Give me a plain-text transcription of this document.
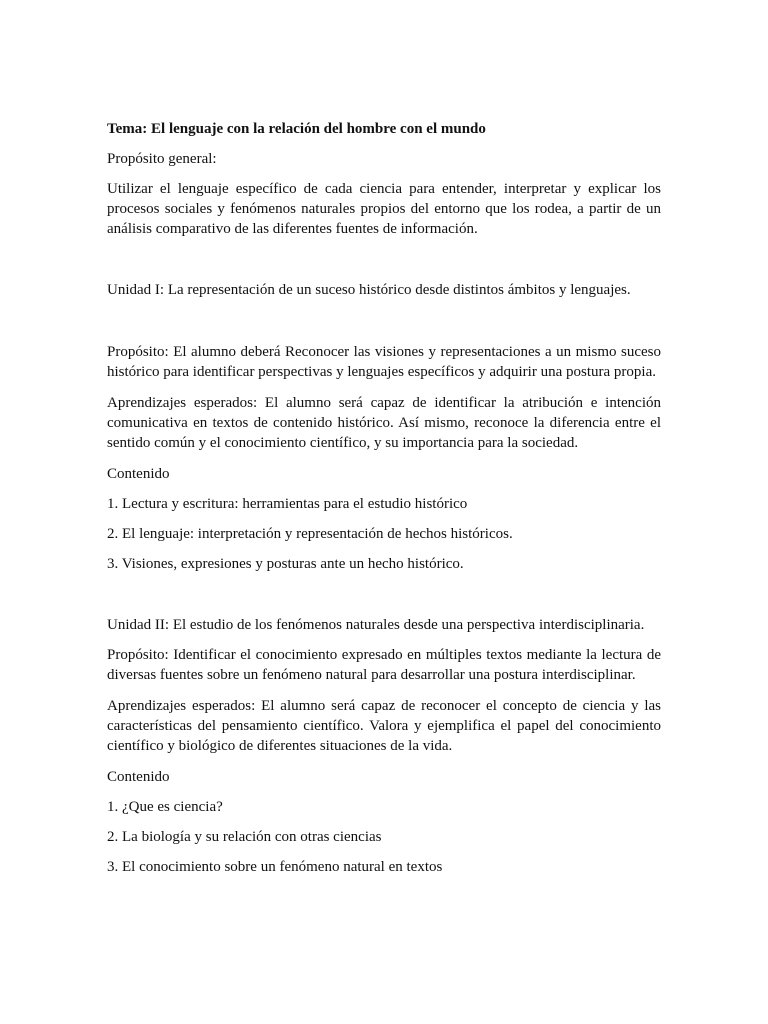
Tema: El lenguaje con la relación del hombre con el mundo

Propósito general:

Utilizar el lenguaje específico de cada ciencia para entender, interpretar y explicar los procesos sociales y fenómenos naturales propios del entorno que los rodea, a partir de un análisis comparativo de las diferentes fuentes de información.

Unidad I: La representación de un suceso histórico desde distintos ámbitos y lenguajes.

Propósito: El alumno deberá Reconocer las visiones y representaciones a un mismo suceso histórico para identificar perspectivas y lenguajes específicos y adquirir una postura propia.

Aprendizajes esperados: El alumno será capaz de identificar la atribución e intención comunicativa en textos de contenido histórico. Así mismo, reconoce la diferencia entre el sentido común y el conocimiento científico, y su importancia para la sociedad.

Contenido

1. Lectura y escritura: herramientas para el estudio histórico

2. El lenguaje: interpretación y representación de hechos históricos.

3. Visiones, expresiones y posturas ante un hecho histórico.

Unidad II: El estudio de los fenómenos naturales desde una perspectiva interdisciplinaria.

Propósito: Identificar el conocimiento expresado en múltiples textos mediante la lectura de diversas fuentes sobre un fenómeno natural para desarrollar una postura interdisciplinar.

Aprendizajes esperados: El alumno será capaz de reconocer el concepto de ciencia y las características del pensamiento científico. Valora y ejemplifica el papel del conocimiento científico y biológico de diferentes situaciones de la vida.

Contenido

1. ¿Que es ciencia?

2. La biología y su relación con otras ciencias

3. El conocimiento sobre un fenómeno natural en textos
